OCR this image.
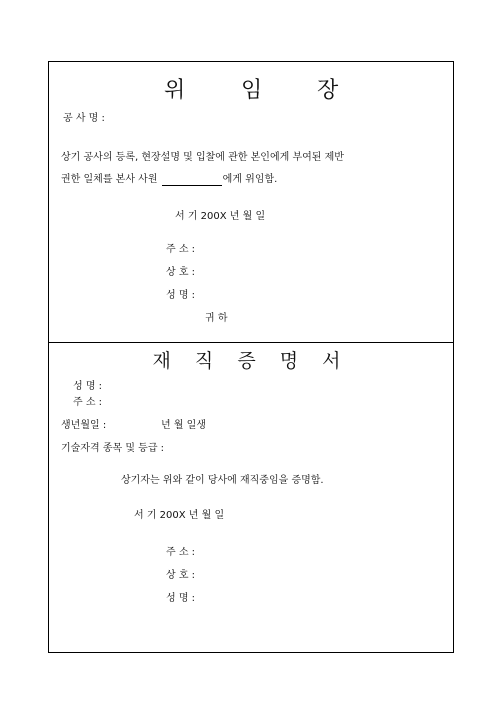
위	임 장
공 사 명 :
상기 공사의 등록, 현장설명 및 입찰에 관한 본인에게 부여된 제반
권한 일체를 본사 사원	에게 위임함.
서 기 200X 년 월 일
주 소 :
상 호 :
성 명 :
귀 하
재 직 증 명 서
성 명 :
주 소 :
생년월일 :	년 월 일생
기술자격 종목 및 등급 :
상기자는 위와 같이 당사에 재직중임을 증명함.
서 기 200X 년 월 일
주 소 :
상 호 :
성 명 :
